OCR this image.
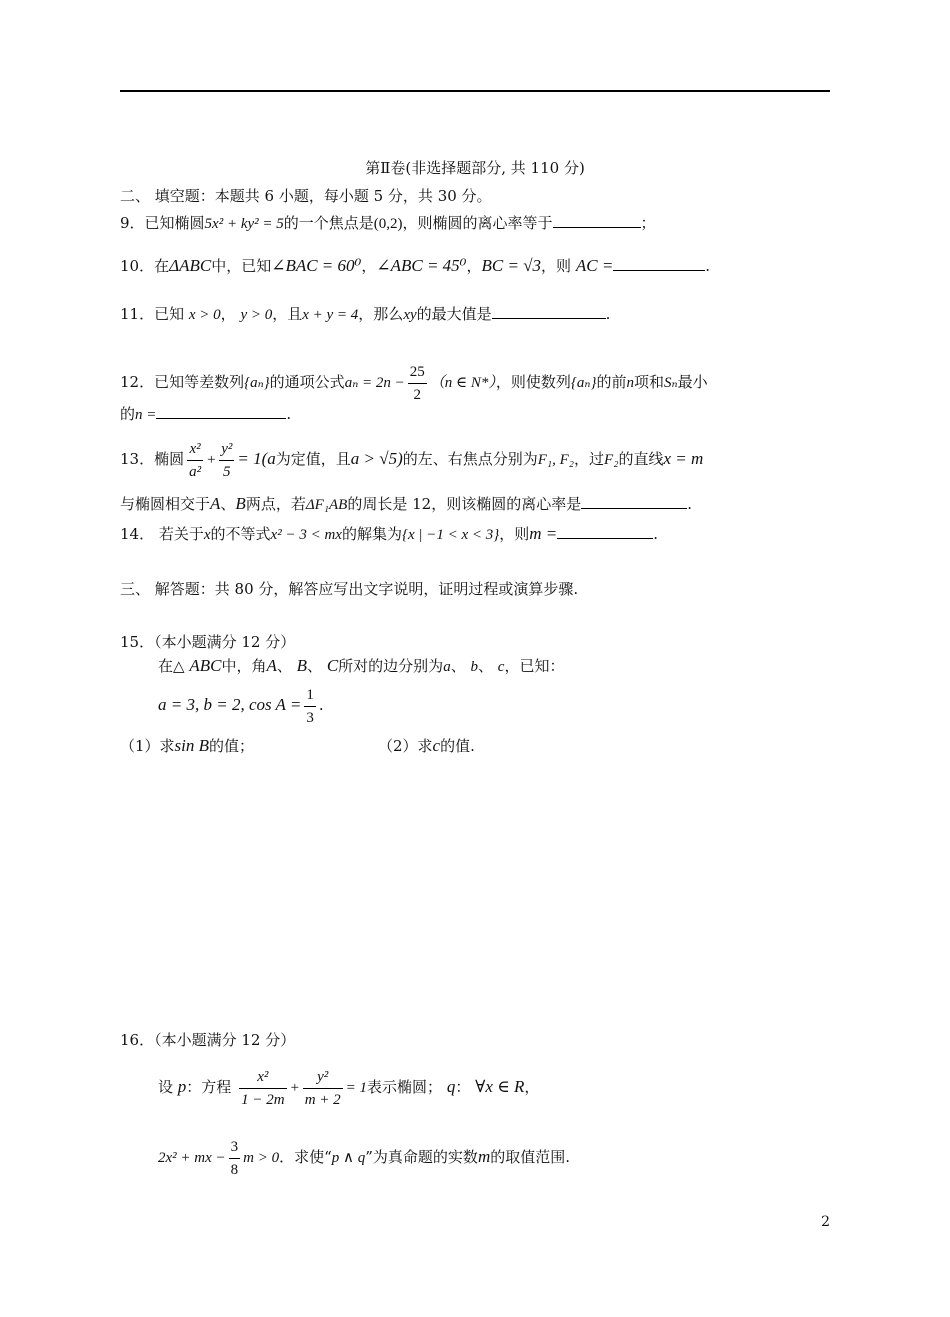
第Ⅱ卷(非选择题部分, 共 110 分)
二、 填空题：本题共 6 小题，每小题 5 分，共 30 分。
9．已知椭圆5x² + ky² = 5的一个焦点是(0,2)，则椭圆的离心率等于	；
10．在ΔABC中，已知∠BAC = 60⁰，∠ABC = 45⁰，BC = √3，则 AC =	.
11．已知 x > 0， y > 0，且x + y = 4，那么xy的最大值是	.
12．已知等差数列{aₙ}的通项公式$a_n = 2n - \frac{25}{2} (n$ ∈ N*），则使数列{aₙ}的前n项和Sₙ最小
的n =	.
13．椭圆 $\frac{\text{x²}}{\text{a²}} + \frac{\text{y²}}{5} = 1(a$为定值，且a > √5)的左、右焦点分别为F₁, F₂，过F₂的直线x = m
与椭圆相交于A、B两点，若ΔF₁AB的周长是 12，则该椭圆的离心率是	.
14． 若关于x的不等式x² − 3 < mx的解集为{x | −1 < x < 3}，则m =	.
三、 解答题：共 80 分，解答应写出文字说明，证明过程或演算步骤.
15．（本小题满分 12 分）
在△ ABC中，角A、 B、 C所对的边分别为a、 b、 c，已知：
a = 3, b = 2, $\cos A = \frac{1}{3}$ .
（1）求sin B的值；	（2）求c的值.
16．（本小题满分 12 分）
设 p：方程 $\frac{\text{x²}}{1 - 2m} + \frac{\text{y²}}{m + 2} = 1$表示椭圆； q： ∀x ∈ R，
2x² + mx − $\frac{3}{8}$ m > 0．求使“p ∧ q”为真命题的实数m的取值范围.
2
